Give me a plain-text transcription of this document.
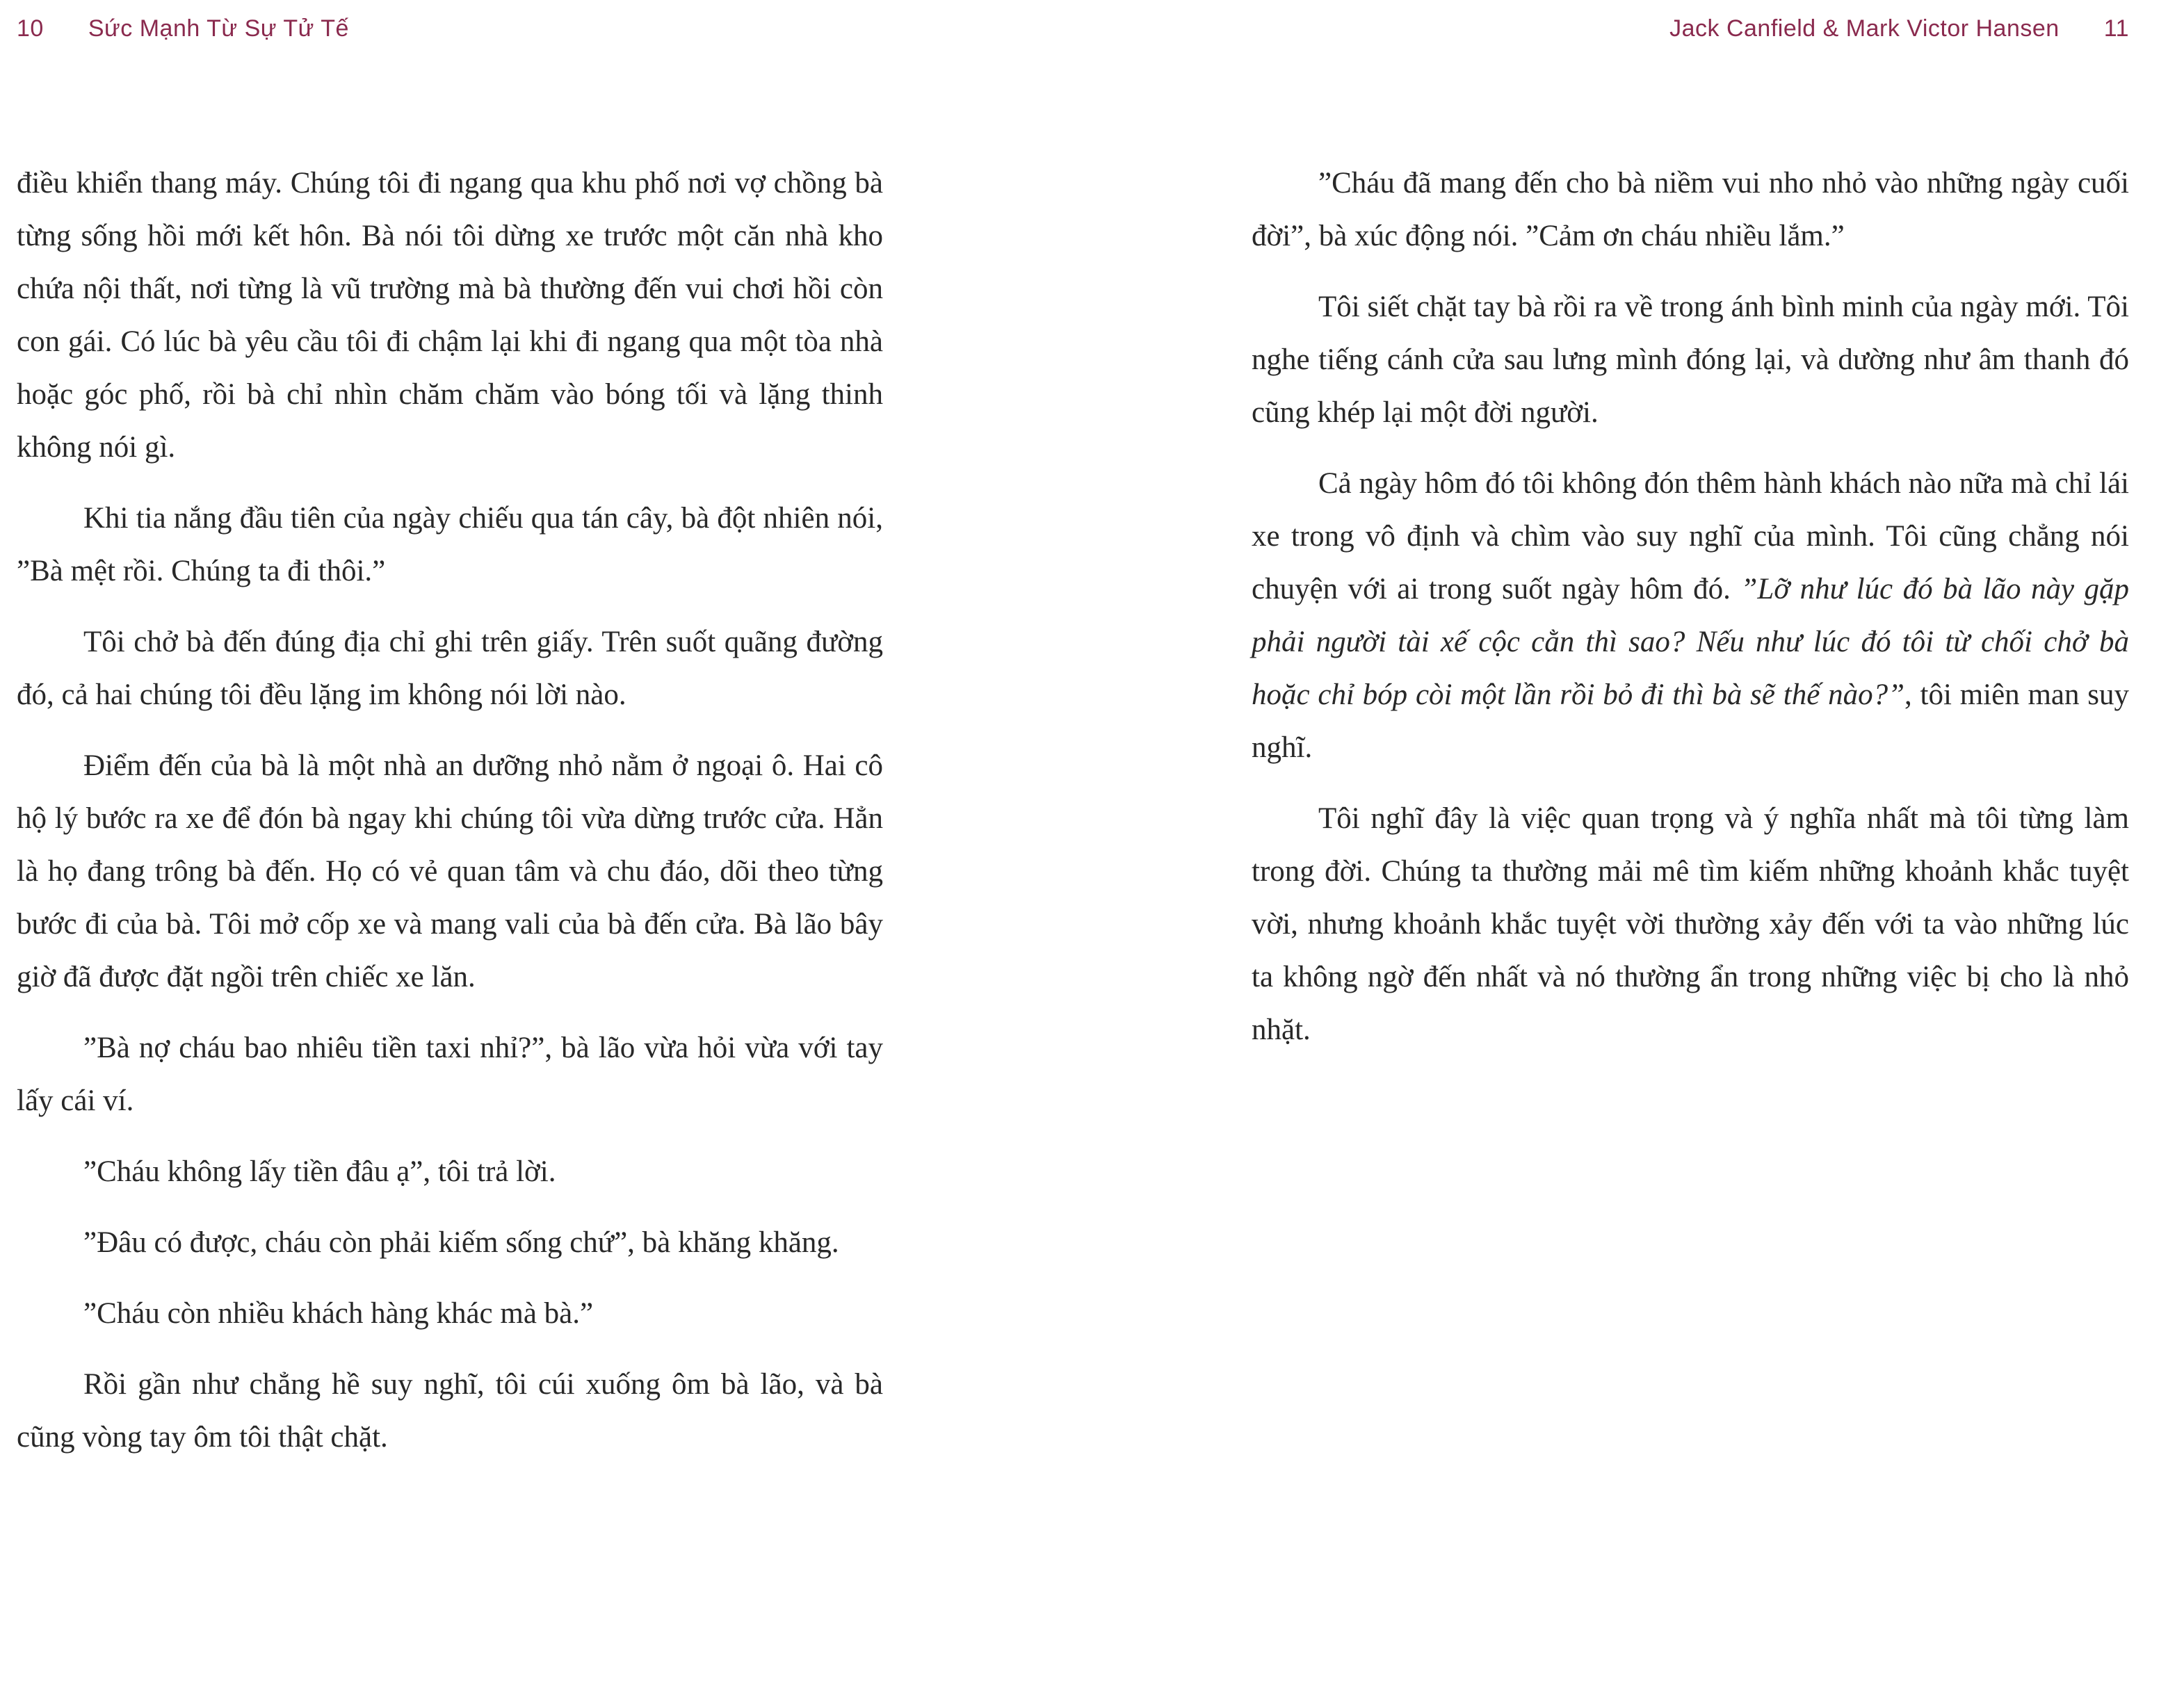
10 Sức Mạnh Từ Sự Tử Tế	Jack Canfield & Mark Victor Hansen 11

điều khiển thang máy. Chúng tôi đi ngang qua khu phố nơi vợ chồng bà từng sống hồi mới kết hôn. Bà nói tôi dừng xe trước một căn nhà kho chứa nội thất, nơi từng là vũ trường mà bà thường đến vui chơi hồi còn con gái. Có lúc bà yêu cầu tôi đi chậm lại khi đi ngang qua một tòa nhà hoặc góc phố, rồi bà chỉ nhìn chăm chăm vào bóng tối và lặng thinh không nói gì.

Khi tia nắng đầu tiên của ngày chiếu qua tán cây, bà đột nhiên nói, ”Bà mệt rồi. Chúng ta đi thôi.”

Tôi chở bà đến đúng địa chỉ ghi trên giấy. Trên suốt quãng đường đó, cả hai chúng tôi đều lặng im không nói lời nào.

Điểm đến của bà là một nhà an dưỡng nhỏ nằm ở ngoại ô. Hai cô hộ lý bước ra xe để đón bà ngay khi chúng tôi vừa dừng trước cửa. Hẳn là họ đang trông bà đến. Họ có vẻ quan tâm và chu đáo, dõi theo từng bước đi của bà. Tôi mở cốp xe và mang vali của bà đến cửa. Bà lão bây giờ đã được đặt ngồi trên chiếc xe lăn.

”Bà nợ cháu bao nhiêu tiền taxi nhỉ?”, bà lão vừa hỏi vừa với tay lấy cái ví.

”Cháu không lấy tiền đâu ạ”, tôi trả lời.

”Đâu có được, cháu còn phải kiếm sống chứ”, bà khăng khăng.

”Cháu còn nhiều khách hàng khác mà bà.”

Rồi gần như chẳng hề suy nghĩ, tôi cúi xuống ôm bà lão, và bà cũng vòng tay ôm tôi thật chặt.

”Cháu đã mang đến cho bà niềm vui nho nhỏ vào những ngày cuối đời”, bà xúc động nói. ”Cảm ơn cháu nhiều lắm.”

Tôi siết chặt tay bà rồi ra về trong ánh bình minh của ngày mới. Tôi nghe tiếng cánh cửa sau lưng mình đóng lại, và dường như âm thanh đó cũng khép lại một đời người.

Cả ngày hôm đó tôi không đón thêm hành khách nào nữa mà chỉ lái xe trong vô định và chìm vào suy nghĩ của mình. Tôi cũng chẳng nói chuyện với ai trong suốt ngày hôm đó. ”Lỡ như lúc đó bà lão này gặp phải người tài xế cộc cằn thì sao? Nếu như lúc đó tôi từ chối chở bà hoặc chỉ bóp còi một lần rồi bỏ đi thì bà sẽ thế nào?”, tôi miên man suy nghĩ.

Tôi nghĩ đây là việc quan trọng và ý nghĩa nhất mà tôi từng làm trong đời. Chúng ta thường mải mê tìm kiếm những khoảnh khắc tuyệt vời, nhưng khoảnh khắc tuyệt vời thường xảy đến với ta vào những lúc ta không ngờ đến nhất và nó thường ẩn trong những việc bị cho là nhỏ nhặt.
